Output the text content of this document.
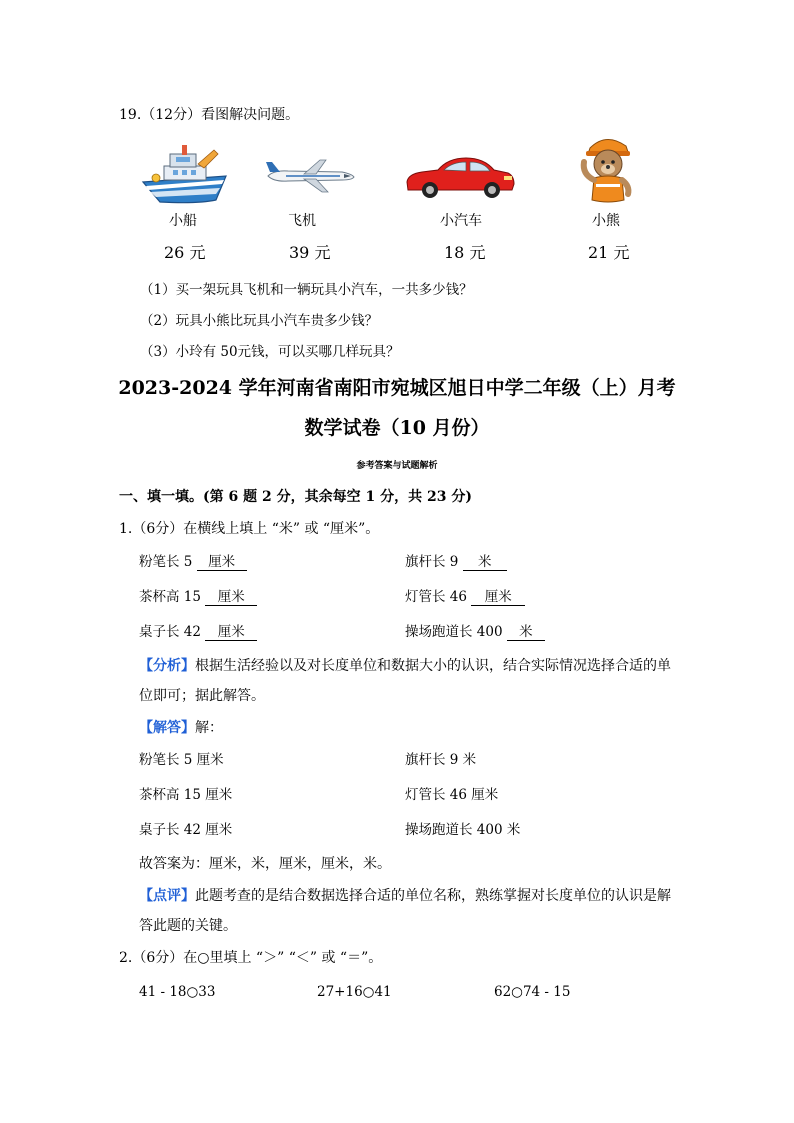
19.（12分）看图解决问题。
小船	飞机	小汽车	小熊
26 元	39 元	18 元	21 元
（1）买一架玩具飞机和一辆玩具小汽车，一共多少钱？
（2）玩具小熊比玩具小汽车贵多少钱？
（3）小玲有 50元钱，可以买哪几样玩具？
2023-2024 学年河南省南阳市宛城区旭日中学二年级（上）月考
数学试卷（10 月份）
参考答案与试题解析
一、填一填。(第 6 题 2 分，其余每空 1 分，共 23 分)
1.（6分）在横线上填上 “米” 或 “厘米”。
粉笔长 5 厘米	旗杆长 9 米
茶杯高 15 厘米	灯管长 46 厘米
桌子长 42 厘米	操场跑道长 400 米
【分析】根据生活经验以及对长度单位和数据大小的认识，结合实际情况选择合适的单
位即可；据此解答。
【解答】解：
粉笔长 5 厘米	旗杆长 9 米
茶杯高 15 厘米	灯管长 46 厘米
桌子长 42 厘米	操场跑道长 400 米
故答案为：厘米，米，厘米，厘米，米。
【点评】此题考查的是结合数据选择合适的单位名称，熟练掌握对长度单位的认识是解
答此题的关键。
2.（6分）在○里填上 “＞” “＜” 或 “＝”。
41 - 18○33	27+16○41	62○74 - 15
